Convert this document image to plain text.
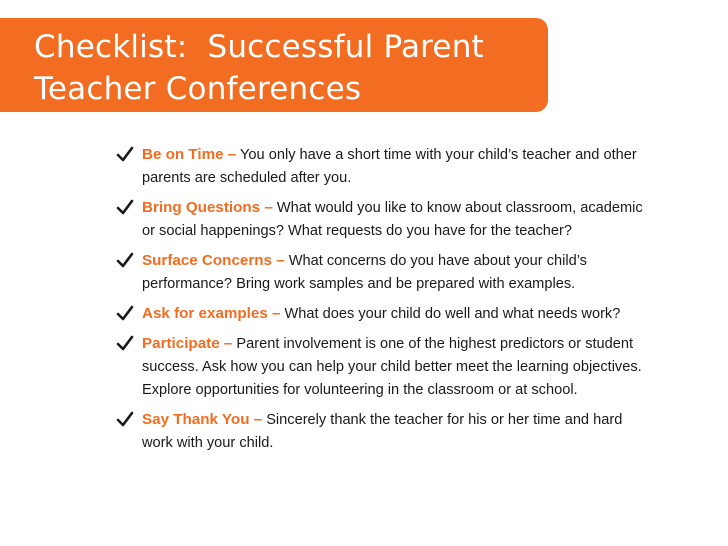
Checklist:  Successful Parent
Teacher Conferences
Be on Time – You only have a short time with your child’s teacher and other parents are scheduled after you.
Bring Questions – What would you like to know about classroom, academic or social happenings? What requests do you have for the teacher?
Surface Concerns – What concerns do you have about your child’s performance? Bring work samples and be prepared with examples.
Ask for examples – What does your child do well and what needs work?
Participate – Parent involvement is one of the highest predictors or student success. Ask how you can help your child better meet the learning objectives. Explore opportunities for volunteering in the classroom or at school.
Say Thank You – Sincerely thank the teacher for his or her time and hard work with your child.
